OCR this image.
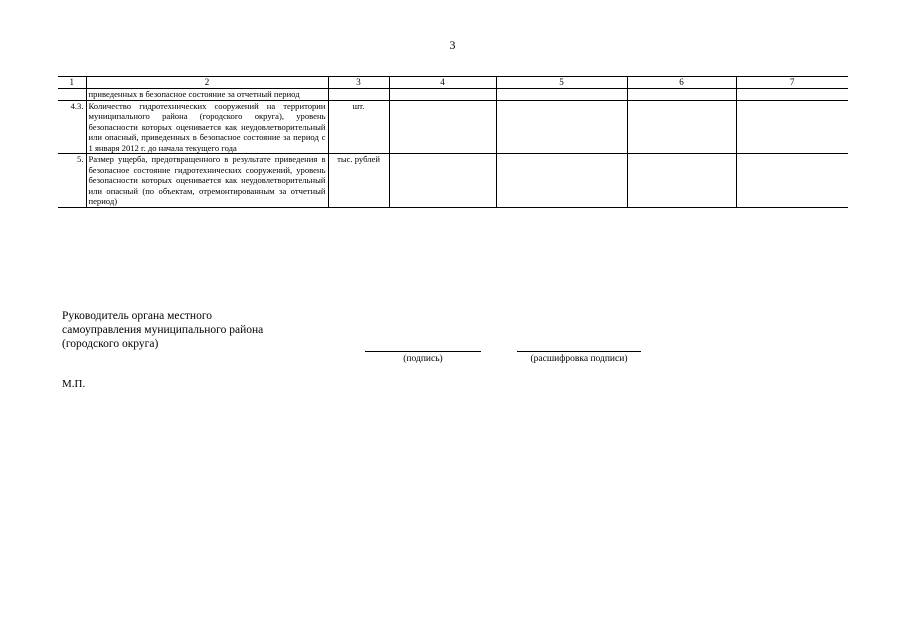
3
1	2	3	4	5	6	7
	приведенных в безопасное состояние за отчетный период					
4.3.	Количество гидротехнических сооружений на территории муниципального района (городского округа), уровень безопасности которых оценивается как неудовлетворительный или опасный, приведенных в безопасное состояние за период с 1 января 2012 г. до начала текущего года	шт.				
5.	Размер ущерба, предотвращенного в результате приведения в безопасное состояние гидротехнических сооружений, уровень безопасности которых оценивается как неудовлетворительный или опасный (по объектам, отремонтированным за отчетный период)	тыс. рублей				
Руководитель органа местного
самоуправления муниципального района
(городского округа)
(подпись)	(расшифровка подписи)
М.П.
